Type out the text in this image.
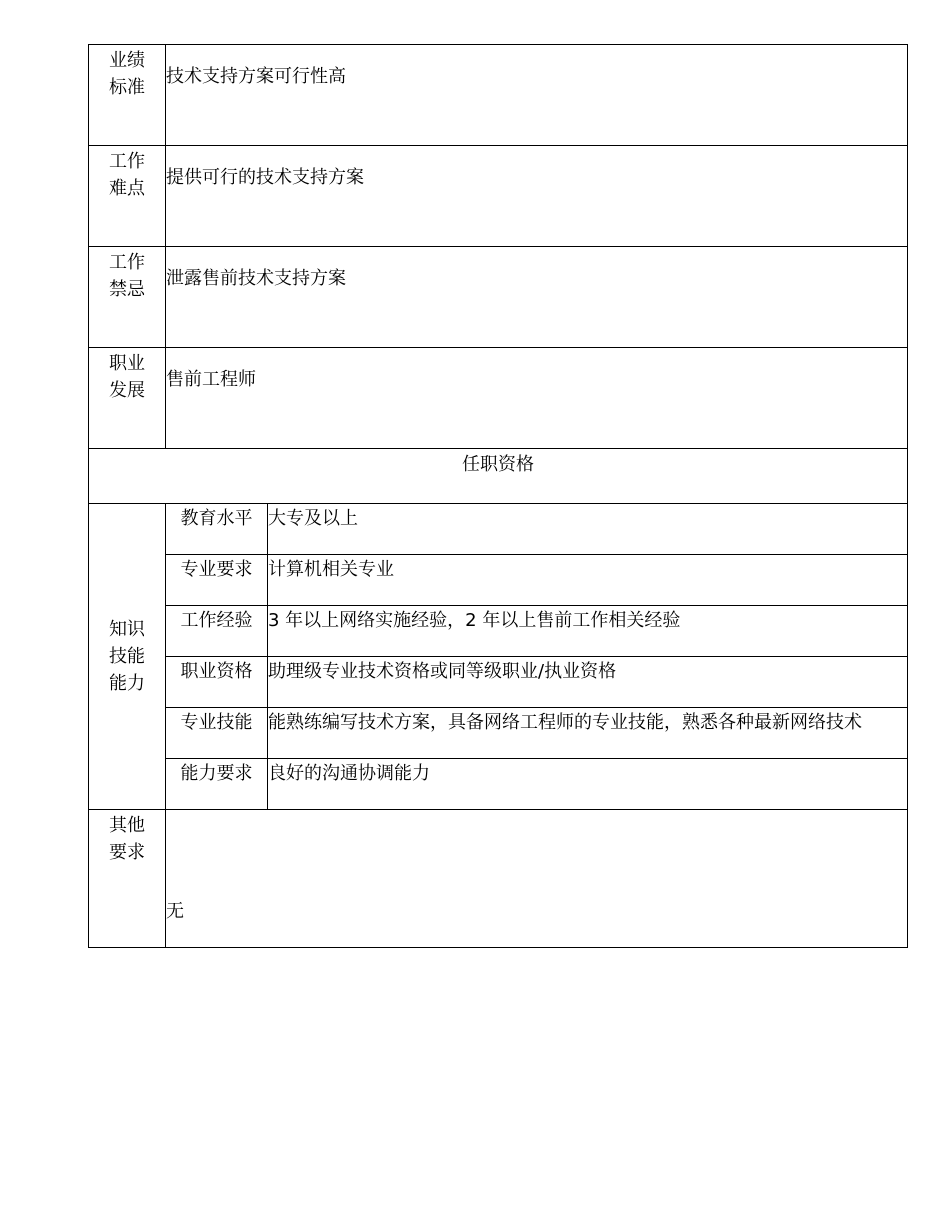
业绩标准	技术支持方案可行性高	
工作难点	提供可行的技术支持方案	
工作禁忌	泄露售前技术支持方案	
职业发展	售前工程师	
任职资格		
知识技能能力	教育水平	大专及以上
	专业要求	计算机相关专业
	工作经验	3 年以上网络实施经验，2 年以上售前工作相关经验
	职业资格	助理级专业技术资格或同等级职业/执业资格
	专业技能	能熟练编写技术方案，具备网络工程师的专业技能，熟悉各种最新网络技术
	能力要求	良好的沟通协调能力
其他要求	无	
